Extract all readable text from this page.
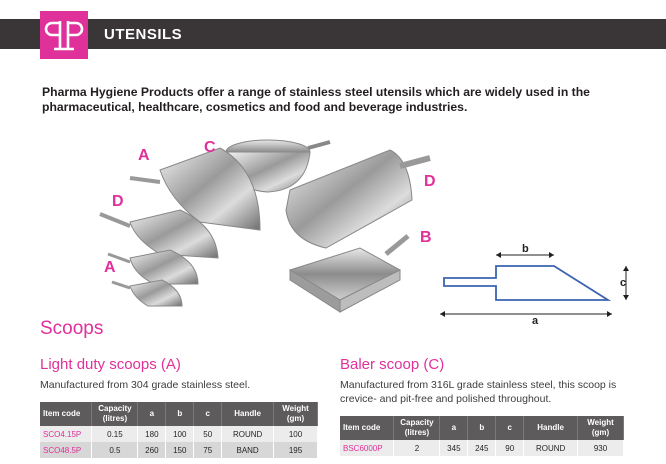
UTENSILS

Pharma Hygiene Products offer a range of stainless steel utensils which are widely used in the pharmaceutical, healthcare, cosmetics and food and beverage industries.

A	C
D
D
B
A
b
c
a
Scoops
Light duty scoops (A)

Manufactured from 304 grade stainless steel.

Item code	Capacity (litres)	a	b	c	Handle	Weight (gm)
SCO4.15P	0.15	180	100	50	ROUND	100
SCO48.5P	0.5	260	150	75	BAND	195
Baler scoop (C)

Manufactured from 316L grade stainless steel, this scoop is crevice- and pit-free and polished throughout.

Item code	Capacity (litres)	a	b	c	Handle	Weight (gm)
BSC6000P	2	345	245	90	ROUND	930
